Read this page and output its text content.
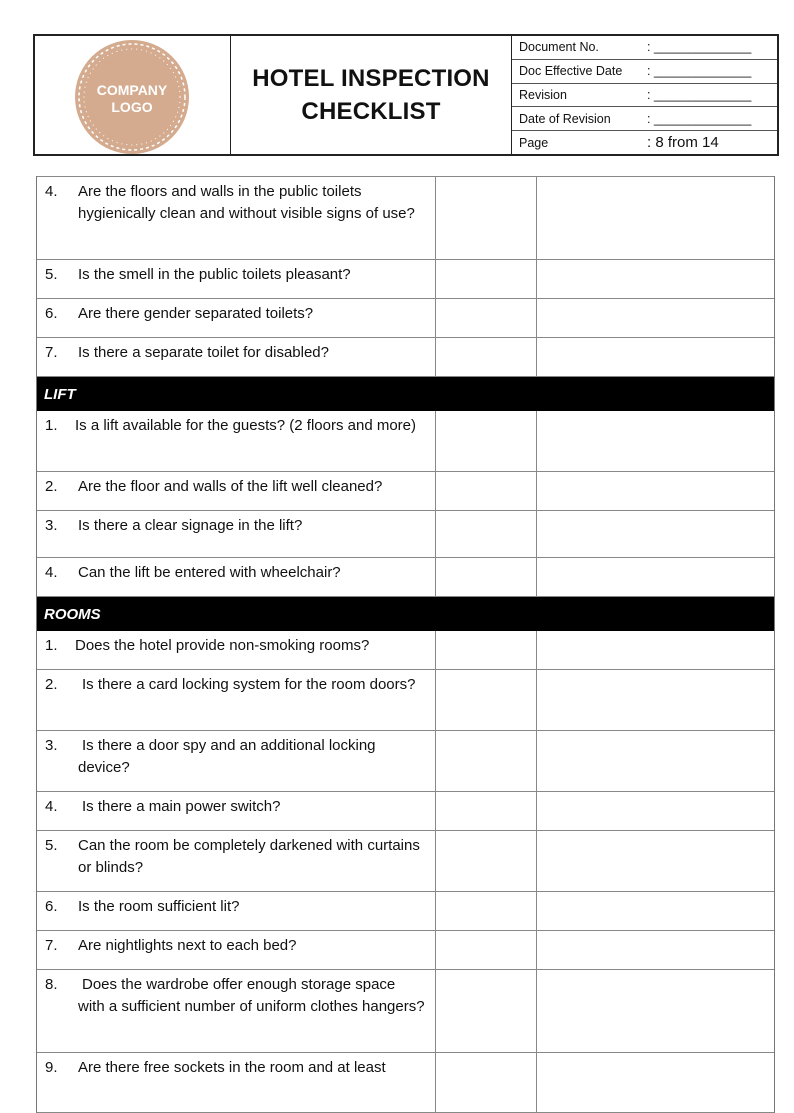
COMPANY
LOGO
HOTEL INSPECTION
CHECKLIST
Document No.	: ______________
Doc Effective Date	: ______________
Revision	: ______________
Date of Revision	: ______________
Page	: 8 from 14
4.	Are the floors and walls in the public toilets hygienically clean and without visible signs of use?
5.	Is the smell in the public toilets pleasant?
6.	Are there gender separated toilets?
7.	Is there a separate toilet for disabled?
LIFT
1.	Is a lift available for the guests? (2 floors and more)
2.	Are the floor and walls of the lift well cleaned?
3.	Is there a clear signage in the lift?
4.	Can the lift be entered with wheelchair?
ROOMS
1.	Does the hotel provide non-smoking rooms?
2.	Is there a card locking system for the room doors?
3.	Is there a door spy and an additional locking device?
4.	Is there a main power switch?
5.	Can the room be completely darkened with curtains or blinds?
6.	Is the room sufficient lit?
7.	Are nightlights next to each bed?
8.	Does the wardrobe offer enough storage space with a sufficient number of uniform clothes hangers?
9.	Are there free sockets in the room and at least
